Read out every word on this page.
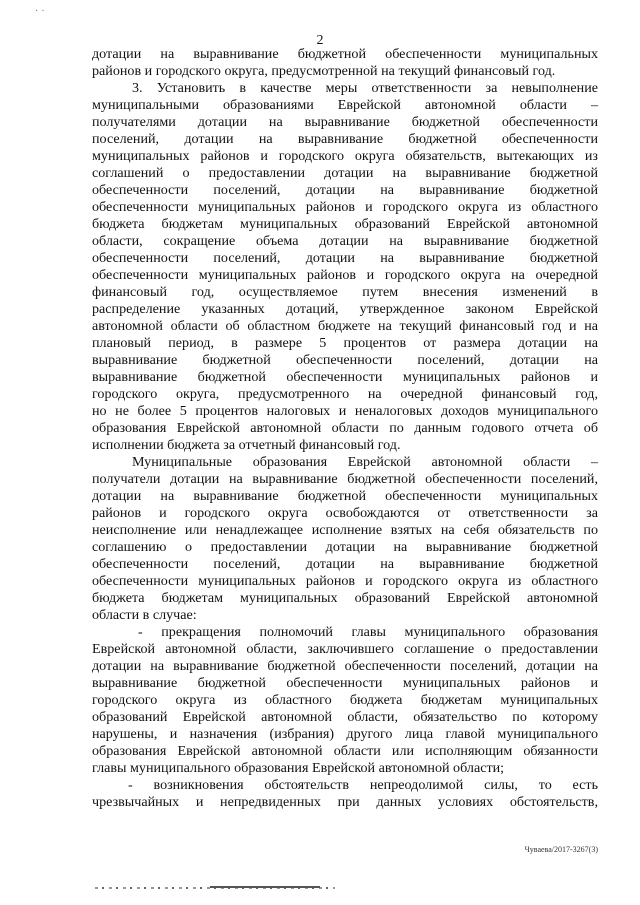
· ·
2
дотации на выравнивание бюджетной обеспеченности муниципальных
районов и городского округа, предусмотренной на текущий финансовый год.
3. Установить в качестве меры ответственности за невыполнение
муниципальными образованиями Еврейской автономной области –
получателями дотации на выравнивание бюджетной обеспеченности
поселений, дотации на выравнивание бюджетной обеспеченности
муниципальных районов и городского округа обязательств, вытекающих из
соглашений о предоставлении дотации на выравнивание бюджетной
обеспеченности поселений, дотации на выравнивание бюджетной
обеспеченности муниципальных районов и городского округа из областного
бюджета бюджетам муниципальных образований Еврейской автономной
области, сокращение объема дотации на выравнивание бюджетной
обеспеченности поселений, дотации на выравнивание бюджетной
обеспеченности муниципальных районов и городского округа на очередной
финансовый год, осуществляемое путем внесения изменений в
распределение указанных дотаций, утвержденное законом Еврейской
автономной области об областном бюджете на текущий финансовый год и на
плановый период, в размере 5 процентов от размера дотации на
выравнивание бюджетной обеспеченности поселений, дотации на
выравнивание бюджетной обеспеченности муниципальных районов и
городского округа, предусмотренного на очередной финансовый год,
но не более 5 процентов налоговых и неналоговых доходов муниципального
образования Еврейской автономной области по данным годового отчета об
исполнении бюджета за отчетный финансовый год.
Муниципальные образования Еврейской автономной области –
получатели дотации на выравнивание бюджетной обеспеченности поселений,
дотации на выравнивание бюджетной обеспеченности муниципальных
районов и городского округа освобождаются от ответственности за
неисполнение или ненадлежащее исполнение взятых на себя обязательств по
соглашению о предоставлении дотации на выравнивание бюджетной
обеспеченности поселений, дотации на выравнивание бюджетной
обеспеченности муниципальных районов и городского округа из областного
бюджета бюджетам муниципальных образований Еврейской автономной
области в случае:
- прекращения полномочий главы муниципального образования
Еврейской автономной области, заключившего соглашение о предоставлении
дотации на выравнивание бюджетной обеспеченности поселений, дотации на
выравнивание бюджетной обеспеченности муниципальных районов и
городского округа из областного бюджета бюджетам муниципальных
образований Еврейской автономной области, обязательство по которому
нарушены, и назначения (избрания) другого лица главой муниципального
образования Еврейской автономной области или исполняющим обязанности
главы муниципального образования Еврейской автономной области;
- возникновения обстоятельств непреодолимой силы, то есть
чрезвычайных и непредвиденных при данных условиях обстоятельств,
Чуваева/2017-3267(3)
